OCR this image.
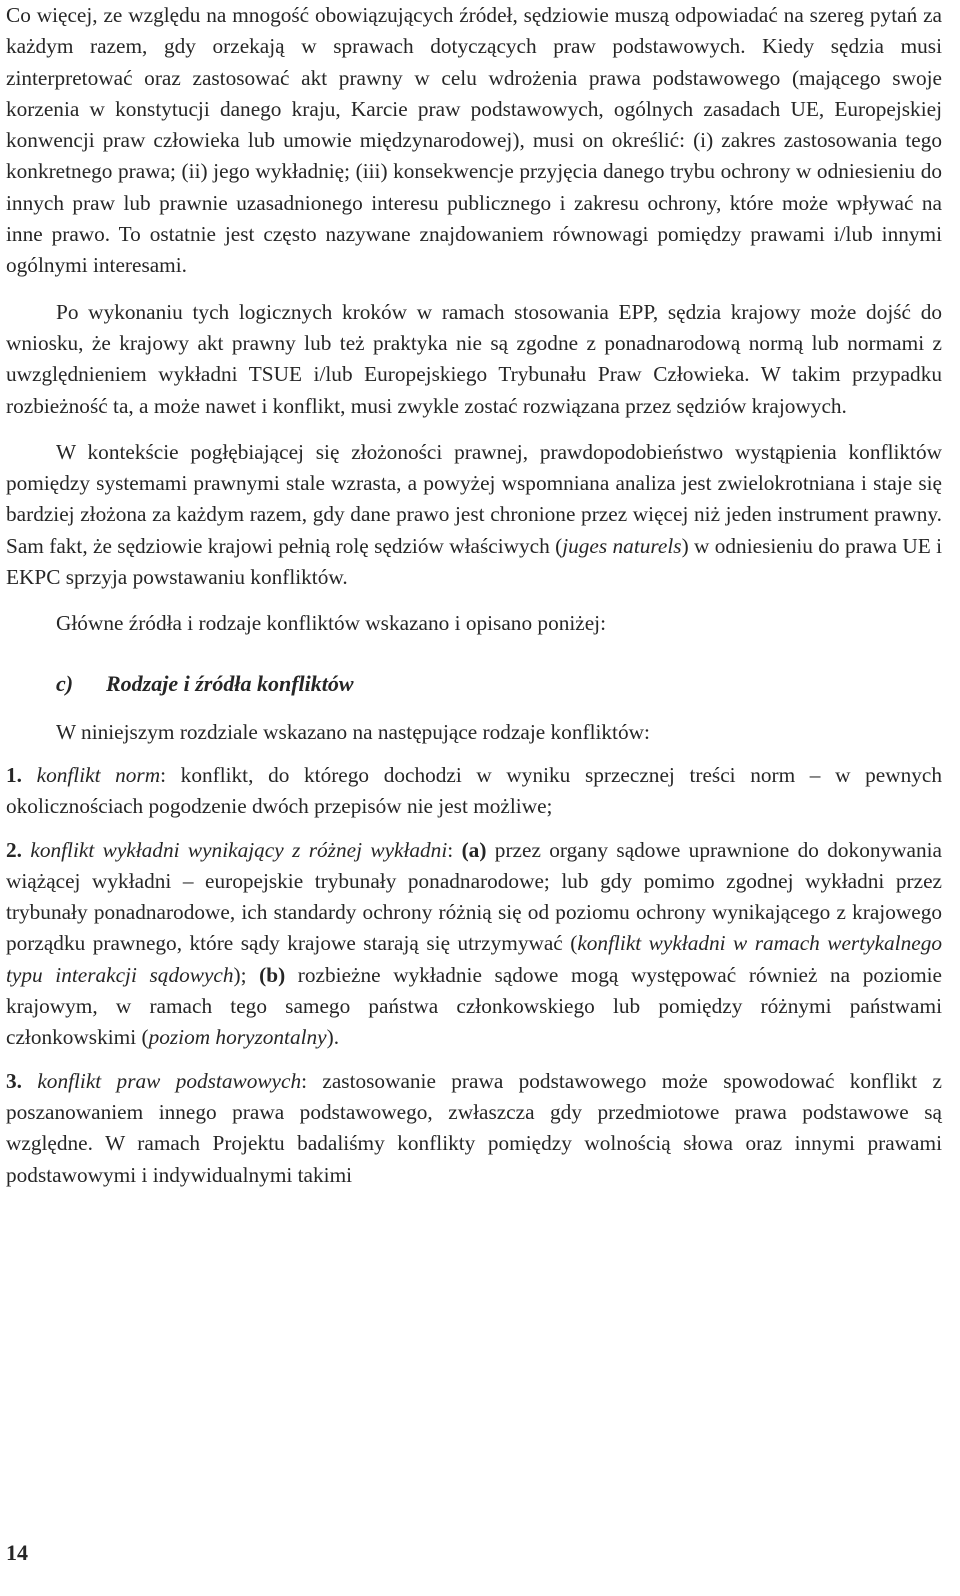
Co więcej, ze względu na mnogość obowiązujących źródeł, sędziowie muszą odpowiadać na szereg pytań za każdym razem, gdy orzekają w sprawach dotyczących praw podstawowych. Kiedy sędzia musi zinterpretować oraz zastosować akt prawny w celu wdrożenia prawa podstawowego (mającego swoje korzenia w konstytucji danego kraju, Karcie praw podstawowych, ogólnych zasadach UE, Europejskiej konwencji praw człowieka lub umowie międzynarodowej), musi on określić: (i) zakres zastosowania tego konkretnego prawa; (ii) jego wykładnię; (iii) konsekwencje przyjęcia danego trybu ochrony w odniesieniu do innych praw lub prawnie uzasadnionego interesu publicznego i zakresu ochrony, które może wpływać na inne prawo. To ostatnie jest często nazywane znajdowaniem równowagi pomiędzy prawami i/lub innymi ogólnymi interesami.

Po wykonaniu tych logicznych kroków w ramach stosowania EPP, sędzia krajowy może dojść do wniosku, że krajowy akt prawny lub też praktyka nie są zgodne z ponadnarodową normą lub normami z uwzględnieniem wykładni TSUE i/lub Europejskiego Trybunału Praw Człowieka. W takim przypadku rozbieżność ta, a może nawet i konflikt, musi zwykle zostać rozwiązana przez sędziów krajowych.

W kontekście pogłębiającej się złożoności prawnej, prawdopodobieństwo wystąpienia konfliktów pomiędzy systemami prawnymi stale wzrasta, a powyżej wspomniana analiza jest zwielokrotniana i staje się bardziej złożona za każdym razem, gdy dane prawo jest chronione przez więcej niż jeden instrument prawny. Sam fakt, że sędziowie krajowi pełnią rolę sędziów właściwych (juges naturels) w odniesieniu do prawa UE i EKPC sprzyja powstawaniu konfliktów.

Główne źródła i rodzaje konfliktów wskazano i opisano poniżej:

c) Rodzaje i źródła konfliktów

W niniejszym rozdziale wskazano na następujące rodzaje konfliktów:

1. konflikt norm: konflikt, do którego dochodzi w wyniku sprzecznej treści norm – w pewnych okolicznościach pogodzenie dwóch przepisów nie jest możliwe;

2. konflikt wykładni wynikający z różnej wykładni: (a) przez organy sądowe uprawnione do dokonywania wiążącej wykładni – europejskie trybunały ponadnarodowe; lub gdy pomimo zgodnej wykładni przez trybunały ponadnarodowe, ich standardy ochrony różnią się od poziomu ochrony wynikającego z krajowego porządku prawnego, które sądy krajowe starają się utrzymywać (konflikt wykładni w ramach wertykalnego typu interakcji sądowych); (b) rozbieżne wykładnie sądowe mogą występować również na poziomie krajowym, w ramach tego samego państwa członkowskiego lub pomiędzy różnymi państwami członkowskimi (poziom horyzontalny).

3. konflikt praw podstawowych: zastosowanie prawa podstawowego może spowodować konflikt z poszanowaniem innego prawa podstawowego, zwłaszcza gdy przedmiotowe prawa podstawowe są względne. W ramach Projektu badaliśmy konflikty pomiędzy wolnością słowa oraz innymi prawami podstawowymi i indywidualnymi takimi

14
